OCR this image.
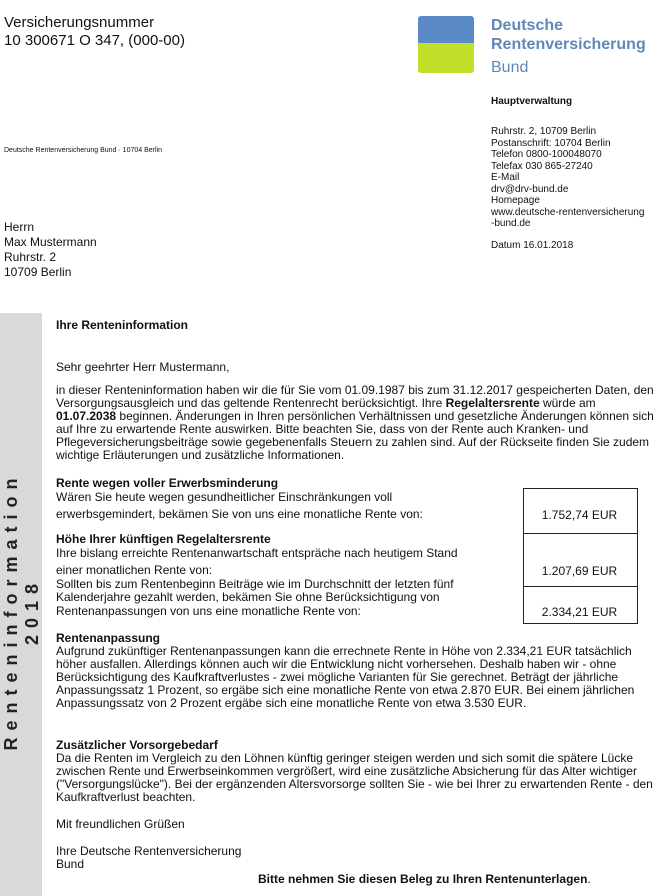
Versicherungsnummer
10 300671 O 347, (000-00)
Deutsche
Rentenversicherung
Bund
Hauptverwaltung
Ruhrstr. 2, 10709 Berlin
Postanschrift: 10704 Berlin
Telefon 0800-100048070
Telefax 030 865-27240
E-Mail
drv@drv-bund.de
Homepage
www.deutsche-rentenversicherung
-bund.de
Datum 16.01.2018
Deutsche Rentenversicherung Bund · 10704 Berlin
Herrn
Max Mustermann
Ruhrstr. 2
10709 Berlin
Renteninformation 2018
Ihre Renteninformation
Sehr geehrter Herr Mustermann,
in dieser Renteninformation haben wir die für Sie vom 01.09.1987 bis zum 31.12.2017 gespeicherten Daten, den Versorgungsausgleich und das geltende Rentenrecht berücksichtigt. Ihre Regelaltersrente würde am 01.07.2038 beginnen. Änderungen in Ihren persönlichen Verhältnissen und gesetzliche Änderungen können sich auf Ihre zu erwartende Rente auswirken. Bitte beachten Sie, dass von der Rente auch Kranken- und Pflegeversicherungsbeiträge sowie gegebenenfalls Steuern zu zahlen sind. Auf der Rückseite finden Sie zudem wichtige Erläuterungen und zusätzliche Informationen.
Rente wegen voller Erwerbsminderung
Wären Sie heute wegen gesundheitlicher Einschränkungen voll
erwerbsgemindert, bekämen Sie von uns eine monatliche Rente von:	1.752,74 EUR
1.207,69 EUR
2.334,21 EUR
Höhe Ihrer künftigen Regelaltersrente
Ihre bislang erreichte Rentenanwartschaft entspräche nach heutigem Stand
einer monatlichen Rente von:
Sollten bis zum Rentenbeginn Beiträge wie im Durchschnitt der letzten fünf Kalenderjahre gezahlt werden, bekämen Sie ohne Berücksichtigung von
Rentenanpassungen von uns eine monatliche Rente von:
Rentenanpassung
Aufgrund zukünftiger Rentenanpassungen kann die errechnete Rente in Höhe von 2.334,21 EUR tatsächlich höher ausfallen. Allerdings können auch wir die Entwicklung nicht vorhersehen. Deshalb haben wir - ohne Berücksichtigung des Kaufkraftverlustes - zwei mögliche Varianten für Sie gerechnet. Beträgt der jährliche Anpassungssatz 1 Prozent, so ergäbe sich eine monatliche Rente von etwa 2.870 EUR. Bei einem jährlichen Anpassungssatz von 2 Prozent ergäbe sich eine monatliche Rente von etwa 3.530 EUR.
Zusätzlicher Vorsorgebedarf
Da die Renten im Vergleich zu den Löhnen künftig geringer steigen werden und sich somit die spätere Lücke zwischen Rente und Erwerbseinkommen vergrößert, wird eine zusätzliche Absicherung für das Alter wichtiger ("Versorgungslücke"). Bei der ergänzenden Altersvorsorge sollten Sie - wie bei Ihrer zu erwartenden Rente - den Kaufkraftverlust beachten.
Mit freundlichen Grüßen
Ihre Deutsche Rentenversicherung
Bund
Bitte nehmen Sie diesen Beleg zu Ihren Rentenunterlagen.
